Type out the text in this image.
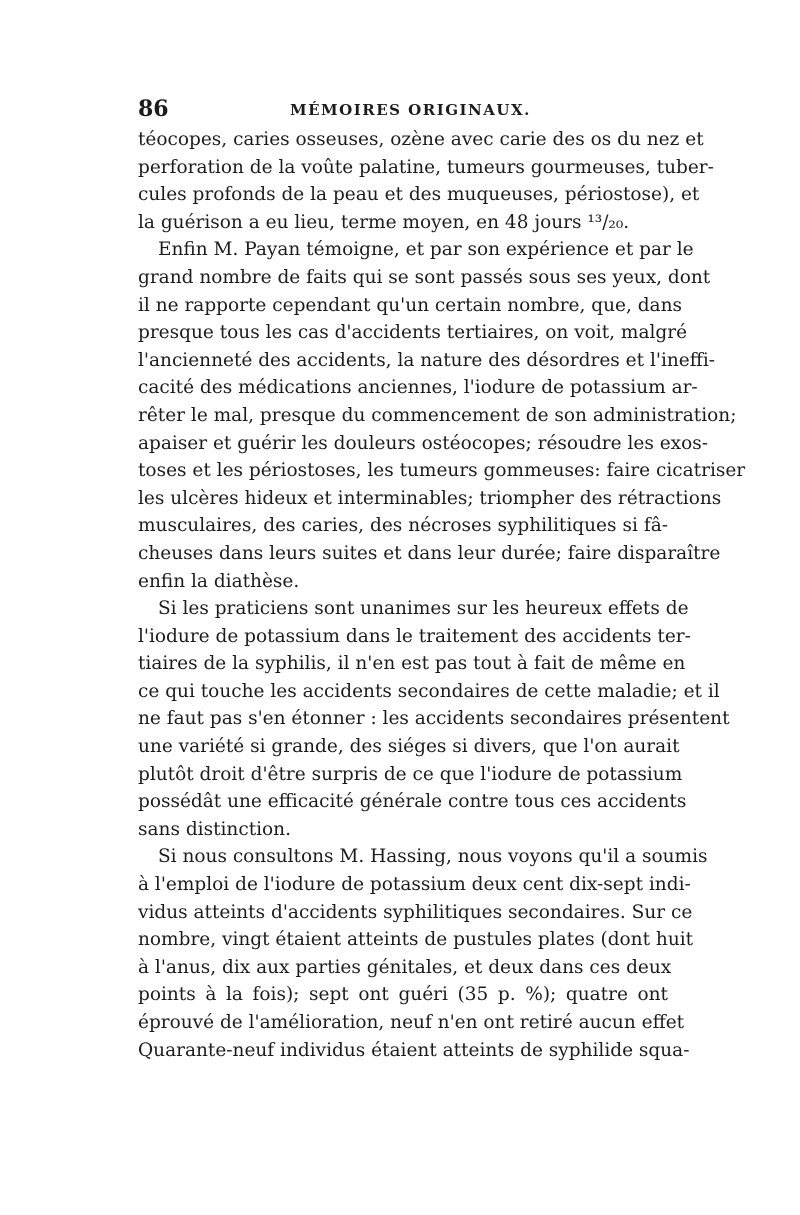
86	MÉMOIRES ORIGINAUX.
téocopes, caries osseuses, ozène avec carie des os du nez et
perforation de la voûte palatine, tumeurs gourmeuses, tuber-
cules profonds de la peau et des muqueuses, périostose), et
la guérison a eu lieu, terme moyen, en 48 jours ¹³/₂₀.
Enfin M. Payan témoigne, et par son expérience et par le
grand nombre de faits qui se sont passés sous ses yeux, dont
il ne rapporte cependant qu'un certain nombre, que, dans
presque tous les cas d'accidents tertiaires, on voit, malgré
l'ancienneté des accidents, la nature des désordres et l'ineffi-
cacité des médications anciennes, l'iodure de potassium ar-
rêter le mal, presque du commencement de son administration;
apaiser et guérir les douleurs ostéocopes; résoudre les exos-
toses et les périostoses, les tumeurs gommeuses: faire cicatriser
les ulcères hideux et interminables; triompher des rétractions
musculaires, des caries, des nécroses syphilitiques si fâ-
cheuses dans leurs suites et dans leur durée; faire disparaître
enfin la diathèse.
Si les praticiens sont unanimes sur les heureux effets de
l'iodure de potassium dans le traitement des accidents ter-
tiaires de la syphilis, il n'en est pas tout à fait de même en
ce qui touche les accidents secondaires de cette maladie; et il
ne faut pas s'en étonner : les accidents secondaires présentent
une variété si grande, des siéges si divers, que l'on aurait
plutôt droit d'être surpris de ce que l'iodure de potassium
possédât une efficacité générale contre tous ces accidents
sans distinction.
Si nous consultons M. Hassing, nous voyons qu'il a soumis
à l'emploi de l'iodure de potassium deux cent dix-sept indi-
vidus atteints d'accidents syphilitiques secondaires. Sur ce
nombre, vingt étaient atteints de pustules plates (dont huit
à l'anus, dix aux parties génitales, et deux dans ces deux
points à la fois); sept ont guéri (35 p. %); quatre ont
éprouvé de l'amélioration, neuf n'en ont retiré aucun effet
Quarante-neuf individus étaient atteints de syphilide squa-
